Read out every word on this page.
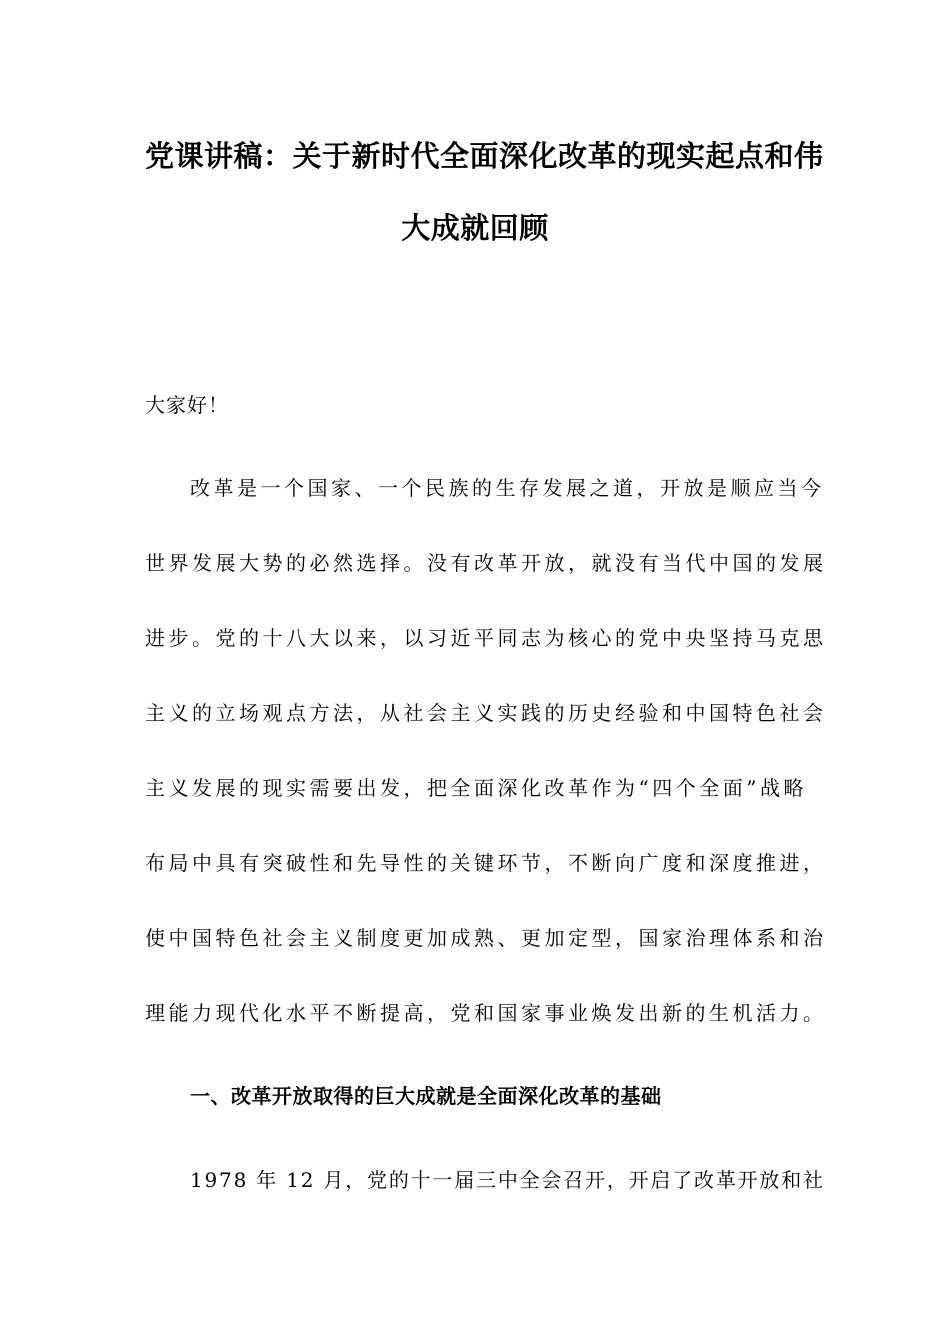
党课讲稿：关于新时代全面深化改革的现实起点和伟
大成就回顾
大家好！
改革是一个国家、一个民族的生存发展之道，开放是顺应当今
世界发展大势的必然选择。没有改革开放，就没有当代中国的发展
进步。党的十八大以来，以习近平同志为核心的党中央坚持马克思
主义的立场观点方法，从社会主义实践的历史经验和中国特色社会
主义发展的现实需要出发，把全面深化改革作为“四个全面”战略
布局中具有突破性和先导性的关键环节，不断向广度和深度推进，
使中国特色社会主义制度更加成熟、更加定型，国家治理体系和治
理能力现代化水平不断提高，党和国家事业焕发出新的生机活力。
一、改革开放取得的巨大成就是全面深化改革的基础
1978 年 12 月，党的十一届三中全会召开，开启了改革开放和社
